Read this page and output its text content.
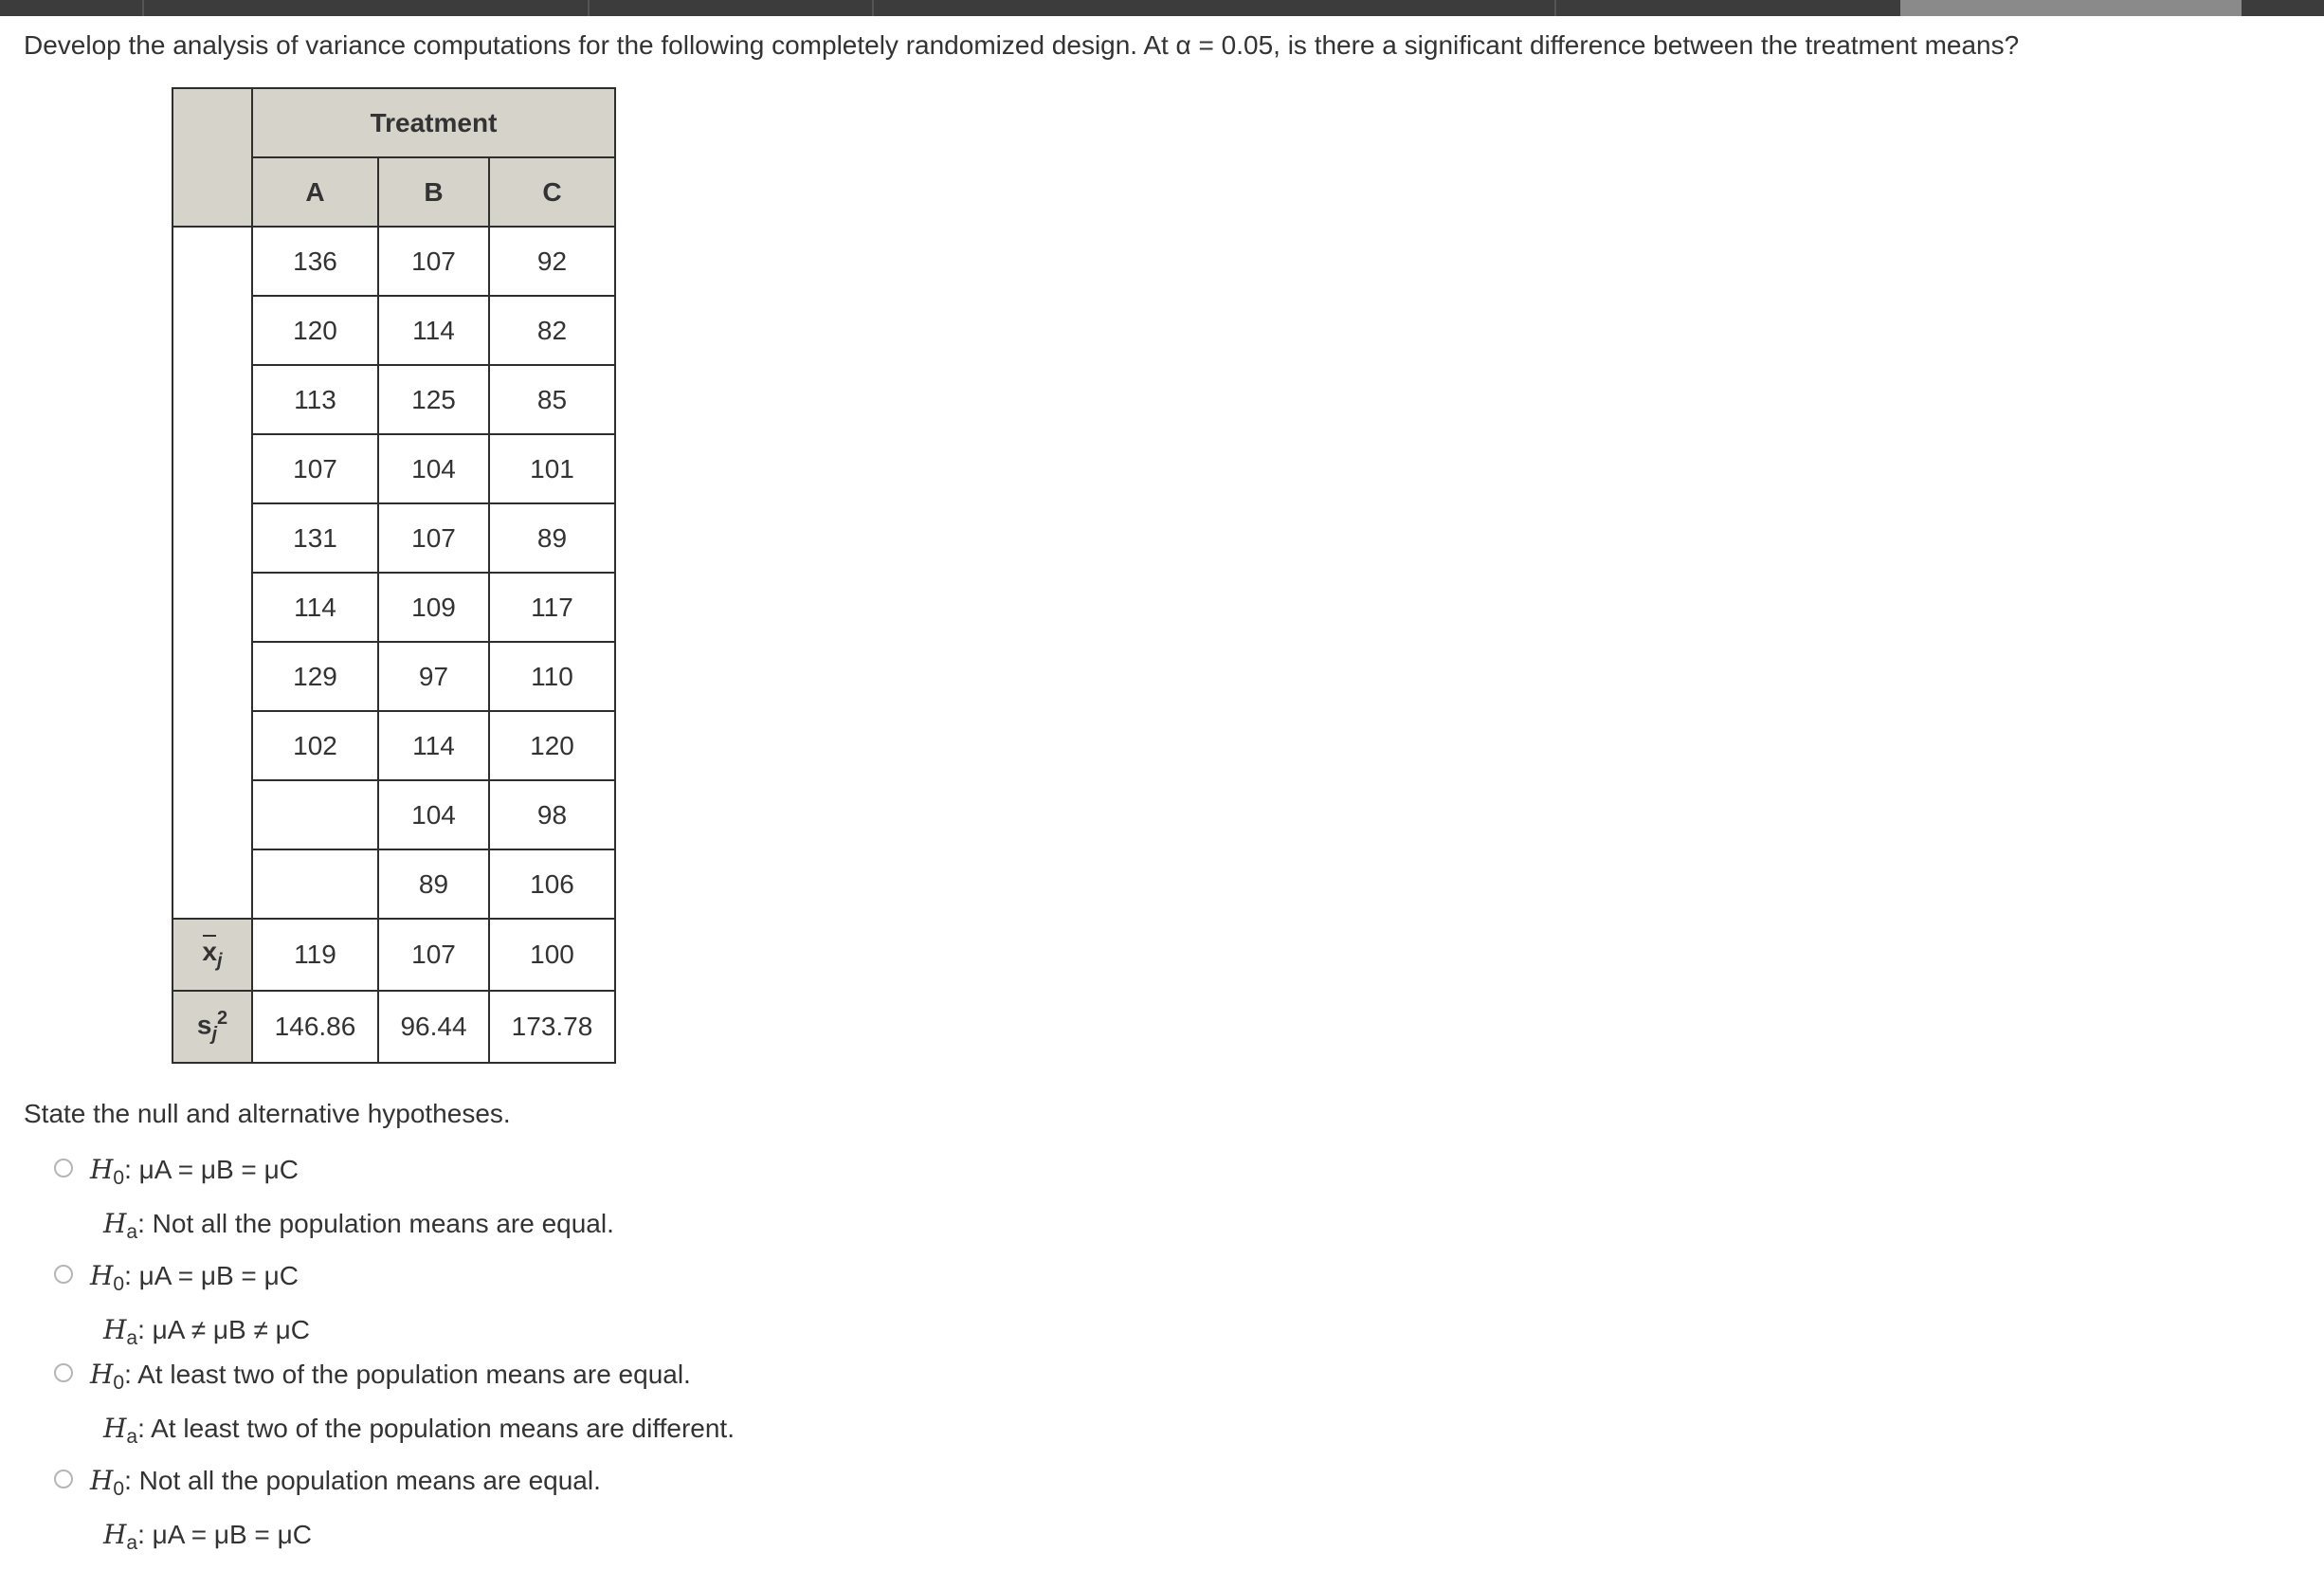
Develop the analysis of variance computations for the following completely randomized design. At α = 0.05, is there a significant difference between the treatment means?
	Treatment		
	A	B	C
	136	107	92
	120	114	82
	113	125	85
	107	104	101
	131	107	89
	114	109	117
	129	97	110
	102	114	120
		104	98
		89	106

$x_j$	119	107	100
$s_j^2$	146.86	96.44	173.78
State the null and alternative hypotheses.
$H_0$: μA = μB = μC
$H_a$: Not all the population means are equal.
$H_0$: μA = μB = μC
$H_a$: μA ≠ μB ≠ μC
$H_0$: At least two of the population means are equal.
$H_a$: At least two of the population means are different.
$H_0$: Not all the population means are equal.
$H_a$: μA = μB = μC
